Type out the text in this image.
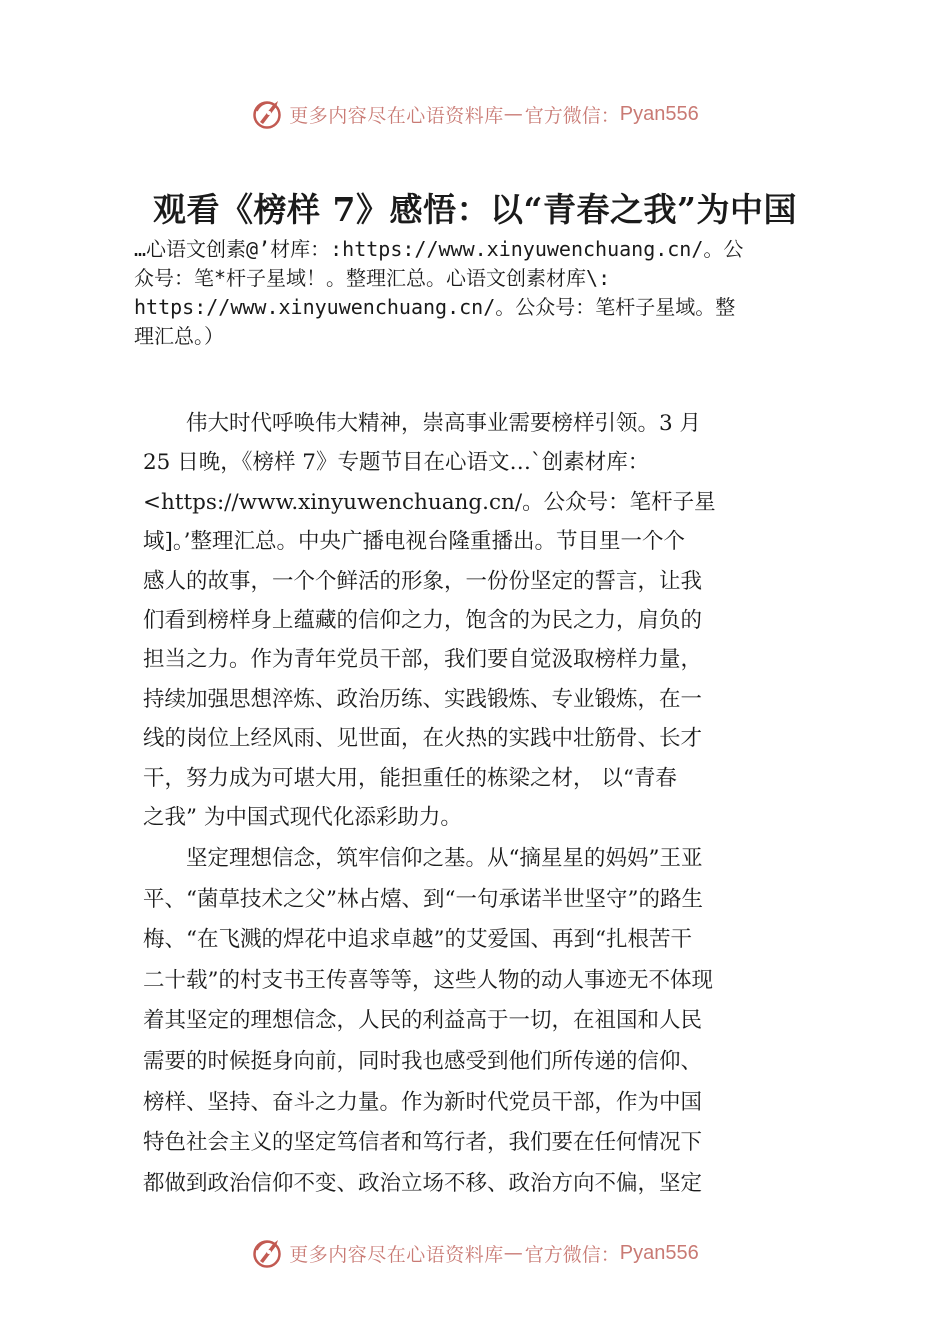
更多内容尽在心语资料库 — 官方微信： Pyan556
观看《榜样 7》感悟：以“青春之我”为中国
…心语文创素@’材库：:https://www.xinyuwenchuang.cn/。公
众号：笔*杆子星域！。整理汇总。心语文创素材库\:
https://www.xinyuwenchuang.cn/。公众号：笔杆子星域。整
理汇总。）
　　伟大时代呼唤伟大精神，崇高事业需要榜样引领。3 月
25 日晚，《榜样 7》专题节目在心语文…`创素材库：
<https://www.xinyuwenchuang.cn/。公众号：笔杆子星
域]。’整理汇总。中央广播电视台隆重播出。节目里一个个
感人的故事，一个个鲜活的形象，一份份坚定的誓言，让我
们看到榜样身上蕴藏的信仰之力，饱含的为民之力，肩负的
担当之力。作为青年党员干部，我们要自觉汲取榜样力量，
持续加强思想淬炼、政治历练、实践锻炼、专业锻炼，在一
线的岗位上经风雨、见世面，在火热的实践中壮筋骨、长才
干，努力成为可堪大用，能担重任的栋梁之材， 以“青春
之我” 为中国式现代化添彩助力。
　　坚定理想信念，筑牢信仰之基。从“摘星星的妈妈”王亚
平、“菌草技术之父”林占熺、到“一句承诺半世坚守”的路生
梅、“在飞溅的焊花中追求卓越”的艾爱国、再到“扎根苦干
二十载”的村支书王传喜等等，这些人物的动人事迹无不体现
着其坚定的理想信念，人民的利益高于一切，在祖国和人民
需要的时候挺身向前，同时我也感受到他们所传递的信仰、
榜样、坚持、奋斗之力量。作为新时代党员干部，作为中国
特色社会主义的坚定笃信者和笃行者，我们要在任何情况下
都做到政治信仰不变、政治立场不移、政治方向不偏，坚定
更多内容尽在心语资料库 — 官方微信： Pyan556
